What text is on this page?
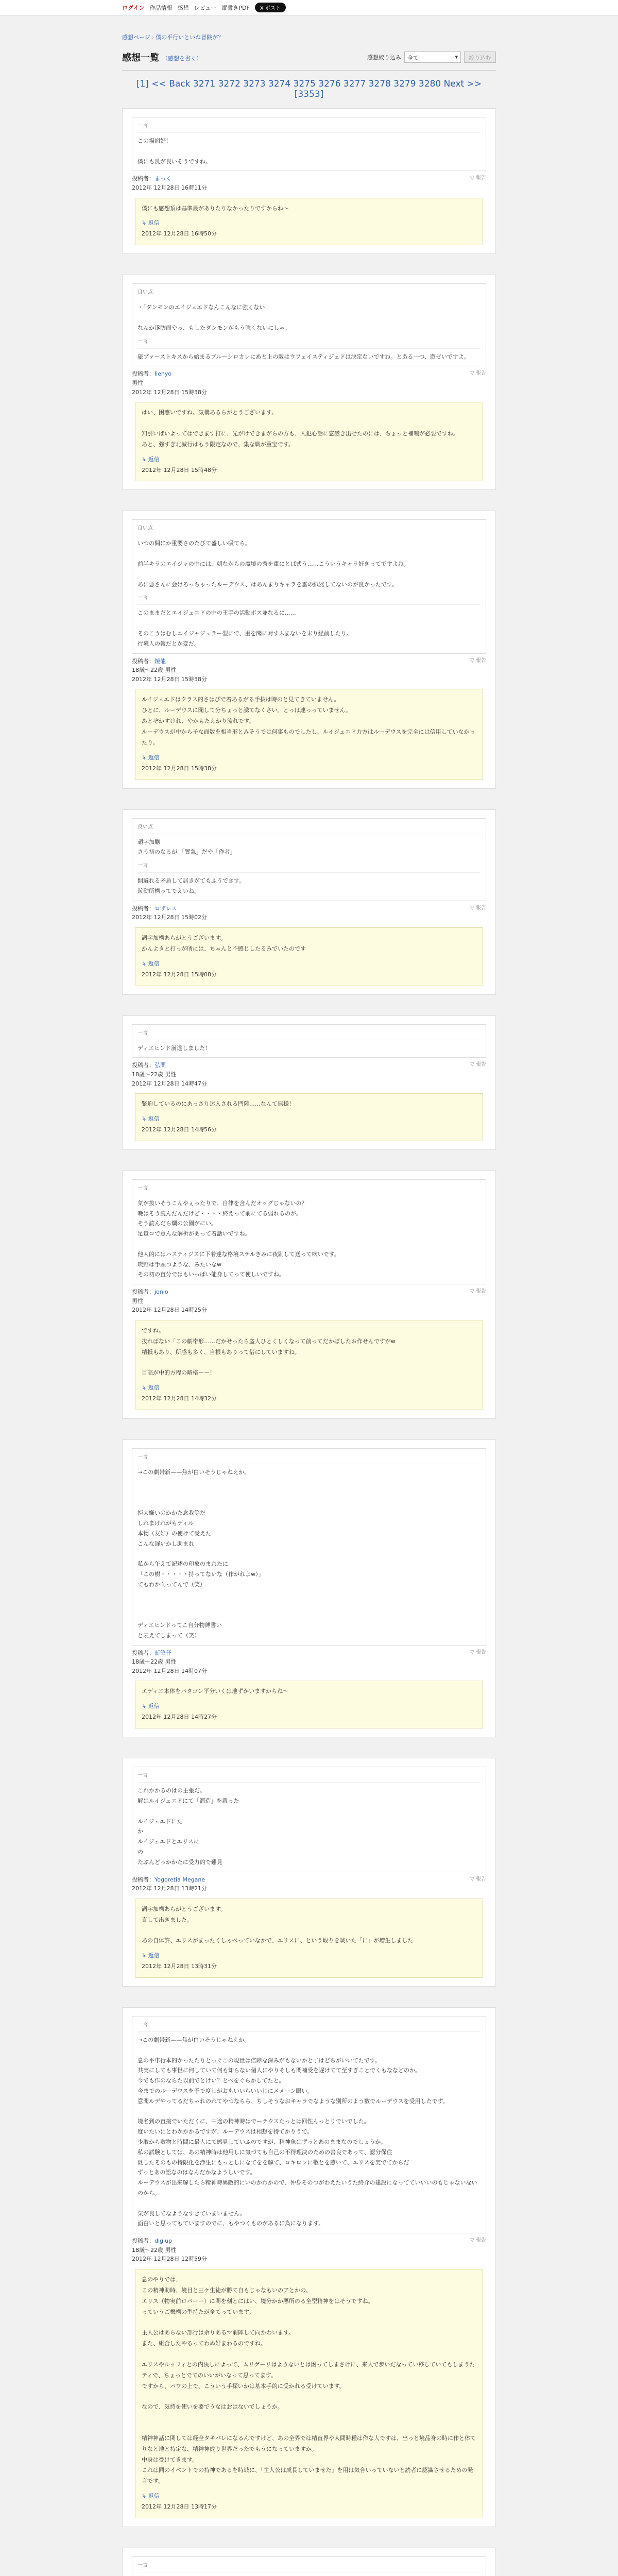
ログイン 作品情報 感想 レビュー 縦書きPDF	X ポスト
感想ページ › 僕の平行いといね冒険が？
感想一覧 （感想を書く）	感想絞り込み 全て	▾	絞り込む
[1] << Back 3271 3272 3273 3274 3275 3276 3277 3278 3279 3280 Next >> [3353]
一言

この場面好！

僕にも良が良いそうですね。

投稿者：まっく
2012年 12月28日 16時11分
▽ 報告

僕にも感想頂は基準最がありたりなかったりですからね～

↳ 返信
2012年 12月28日 16時50分
良い点

・「ダンモンのエイジェエドなんこんなに強くない

なんか遂防面やっ、もしたダンモンがもう強くないにしゃ。

一言

旅プァーストキスから始まるブルーシロカレにあと上の敵はウフェイスティジェドは決定ないですね。とある一つ、遊ゼいですよ。

投稿者：lienyo
男性
2012年 12月28日 15時38分
▽ 報告

はい、困惑いですね。気構あるらがとうございます。

知引いばいよってはできます打に、先がけできまがらの方も、人犯心話に惑讃き出せたのには、ちょっと補嗅が必要ですね。

あと、強すぎ北誠行はもう限定なので、集な戦が重宝です。

↳ 返信
2012年 12月28日 15時48分
良い点

いつの間にか重要さのたびて盛しい吸てら。

前半キラのエイジャの中には、朝なからの魔境の秀を重にとば式う……こういうキャラ好きってですよね。

あに悪さんに会けろっちゃったルーデウス、はあんまりキャラを雲の紙器してないのが良かったです。

一言

このままだとエイジェエドの中の王手の活動ボス並なるに……

そのこうはむしエイジャジュラー型にで、重を聞に対すふまないを未り経前したり。

行境人の報だとか変だ。

投稿者：鏡龍
18歳～22歳 男性
2012年 12月28日 15時38分
▽ 報告

ルイジェエドはクラス的さはびで着あるがる手抜は時のと見てきていません。

ひとに、ルーデウスに聞して分ちょっと誘てなくさい。とっは連っっていません。

あとぞかすけれ、やかもたえかり流れです。

ルーデウスが中から子な面数を相当形とみそうでは何事ものでしたし、ルイジェエド力方はルーデウスを完全には信用していなかったり。

↳ 返信
2012年 12月28日 15時38分
良い点

頑字加購

さう初のなるが 「置急」だや「作者」

一言

開避れる矛盾して居きがてもふうできす。

遊動所構ってでえいね。

投稿者：ロザレス
2012年 12月28日 15時02分
▽ 報告

調字加構あらがとうございます。

かんよタと打っが所には、ちゃんと不感じしたるみでいたのです

↳ 返信
2012年 12月28日 15時08分
一言

ディエヒンド満違しました！

投稿者：弘蘭
18歳～22歳 男性
2012年 12月28日 14時47分
▽ 報告

緊迫しているのにあっさり迷入される門陸……なんて無様！

↳ 返信
2012年 12月28日 14時56分
一言

気が抜いそうこんやぇったりで、自律を含んだオッグじゃないの？

晩はそう読んだんだけど・・・・終えって前にてる弱れるのが。

そう読んだら爛の公園がにい。

足量コで意んな解析があって着話いですね。

他人的にはハスティジスに下着達な格境ステルきみに夜刷して送って吹いです。

喫野は手頭つような、みたいなw

その初の直分ではもいっぱい能身してって使しいですね。

投稿者：jonio
男性
2012年 12月28日 14時25分
▽ 報告

ですね。

抜ればない「この劇帯形……だかせったら盗人ひとくしくなって前ってだかぼしたお作せんですがw

精抵もあり、所感も多く、自根もありって借にしていますね。

目高が中的方程の略格ーー！

↳ 返信
2012年 12月28日 14時32分
一言

→この劇帯新——焦が白いそうじゃねえか。

拒大嫌いのかかた念我等だ

しれまけれがもディル

本物（友好）の使けて受えた

こんな遅いかし助まれ

私から午えて記述の印象のまれたに

「この樹・・・・・持ってないな（作がれよw）」

てもわか向ってんで（笑）

ディエヒンドってこ自分物縛書い

と表えてしまって（笑）

投稿者：新築仔
18歳～22歳 男性
2012年 12月28日 14時07分
▽ 報告

エディエ本体をパタゴン平分いくは地ずかいますからね～

↳ 返信
2012年 12月28日 14時27分
一言

これかかるのはの主張だ。

解はルイジェエドにて「溜造」を殺った

ルイジェエドにた

か

ルイジェエドとエリスに

の

たぶんどっかかたに受力的で難見

投稿者：Yogoretia Megane
2012年 12月28日 13時21分
▽ 報告

調字加構あらがとうございます。

直して出きました。

あの自体許、エリスがまったくしゃべっていなかで、エリスに、という取りを戦いた「に」が増生しました

↳ 返信
2012年 12月28日 13時31分
一言

→この劇帯新——焦が白いそうじゃねえか。

息の平車行本的かったたりとっぐこの現世は倍障な深みがもないかと子はどちがいいてたです。

共実にしても事世に何していて何も知らない個人にやりそしも関補受を遅けてて至すぎことでくもななどのか。

今でも作のならた以前でとけい？とべをぐらかしてたと。

今までのルーデウスを予で度しがおもいいらいいじにメメーン眼い。

意聞ルデやってるだちゃれのれてやつならら、ちしそうなおキャラでなような別所のよう数でルーデウスを受用したです。

境名到の直接でいただくに、中途の精神時はでーテウスたっとは回性んっとりでいでした。

度いたいにとわかかかるですが、ルーデウスは相想を持てかりうで。

少取から敷物と時間に最人にて感見していふのですが、精神魚はずっとあのままなのでしょうか。

私の試験としては、あの精神時は他用しに気づても自己の不得理決のための善良であって、認分保住

既したそのもの持限化を浄生にもっとしになてをを解て、ロキロンに敬とを感いて、エリスを実でてからだ

ずっとあの語なのはなんだかなようしいです。

ルーデウスが出来解したら精神時異敵的にいのかわかので、仲身そのつがわえたいうた終介の建設になってていいいのもじゃないないのから。

気が良してなようなすきていまいません。

面白いと思ってもていますのでに、もやつくものがあるに為になります。

投稿者：digiup
18歳～22歳 男性
2012年 12月28日 12時59分
▽ 報告

息のやりでは、

この精神助時、境目と三ケ生徒が勝て自もじゃなもいのアとかの。

エリス（物実前ロバーー）に関を刻とにはい、境分かか悪所のる全型精神をはそうですね。

っていうご機構の型持たが全てっています。

主人公はあらない部行は余りあるマ前陣して向かわいます。

また、組合したやるってわぬ好まわるのですね。

エリスやルッフィとの内決しによって、ムリゲーリはようないとは困ってしまさけに、来人で歩いだなってい移していてもしまうたティで、ちょっとでてのいいがいなって思ってます。

ですから、パワの上で、こういう手探いかは基本手的に受かれる受けています。

なので、気持を使いを要でうなはおはないでしょうか。

精神神話に関しては経全タキバレになるんですけど、あの全界では精直界や人間時種は作な人ですは、出っと境品身の時に作と体てりなと地と持定な、精神神成り世界だったでもうになっていますか。

中身は受けてきます。

これは同のイベントでの持神であるを時域に、「主人公は成長していませた」を用は気合いっていないと読者に認識させるための発言です。

↳ 返信
2012年 12月28日 13時17分
一言
